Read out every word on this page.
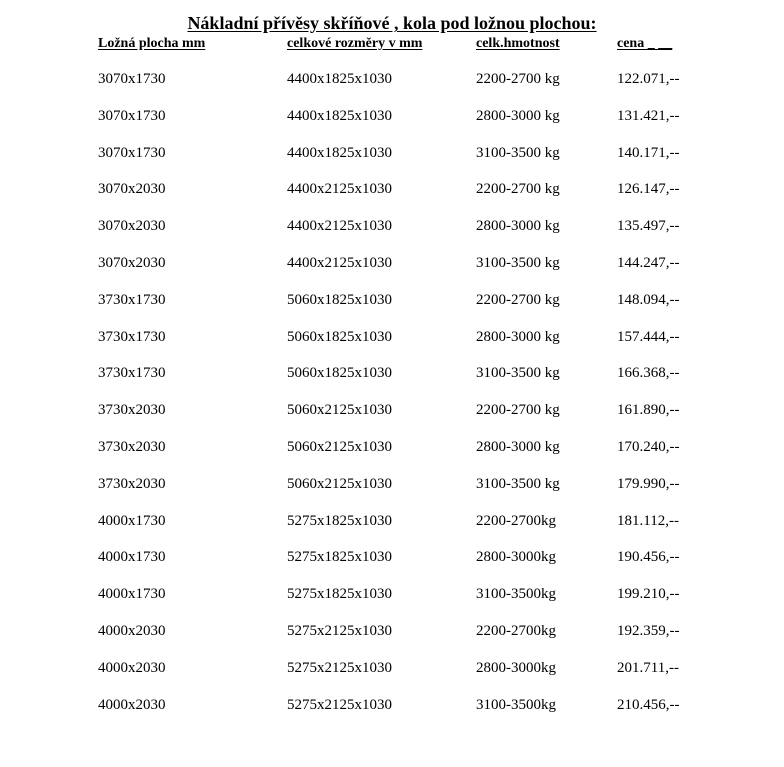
Nákladní přívěsy skříňové , kola pod ložnou plochou:
Ložná plocha mm	celkové rozměry v mm	celk.hmotnost	cena _ __
3070x1730	4400x1825x1030	2200-2700 kg	122.071,--
3070x1730	4400x1825x1030	2800-3000 kg	131.421,--
3070x1730	4400x1825x1030	3100-3500 kg	140.171,--
3070x2030	4400x2125x1030	2200-2700 kg	126.147,--
3070x2030	4400x2125x1030	2800-3000 kg	135.497,--
3070x2030	4400x2125x1030	3100-3500 kg	144.247,--
3730x1730	5060x1825x1030	2200-2700 kg	148.094,--
3730x1730	5060x1825x1030	2800-3000 kg	157.444,--
3730x1730	5060x1825x1030	3100-3500 kg	166.368,--
3730x2030	5060x2125x1030	2200-2700 kg	161.890,--
3730x2030	5060x2125x1030	2800-3000 kg	170.240,--
3730x2030	5060x2125x1030	3100-3500 kg	179.990,--
4000x1730	5275x1825x1030	2200-2700kg	181.112,--
4000x1730	5275x1825x1030	2800-3000kg	190.456,--
4000x1730	5275x1825x1030	3100-3500kg	199.210,--
4000x2030	5275x2125x1030	2200-2700kg	192.359,--
4000x2030	5275x2125x1030	2800-3000kg	201.711,--
4000x2030	5275x2125x1030	3100-3500kg	210.456,--
